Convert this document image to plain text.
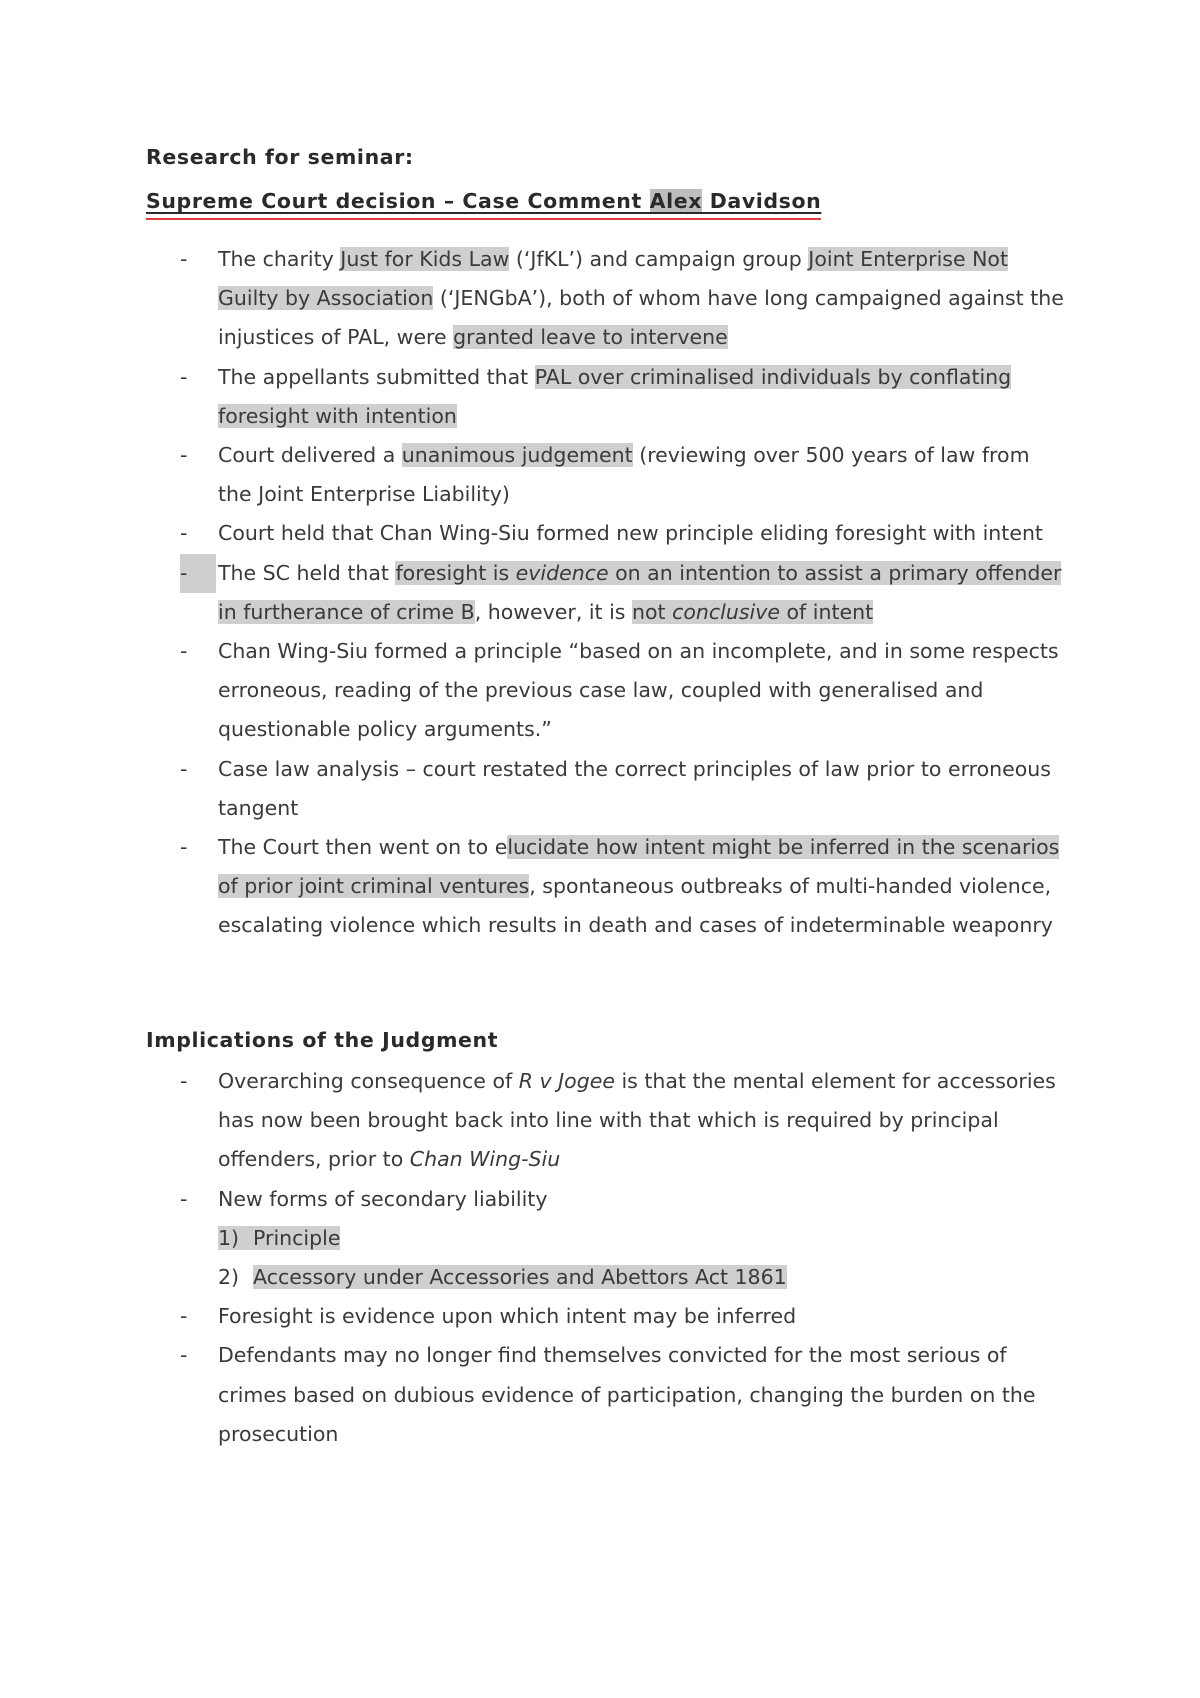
Research for seminar:
Supreme Court decision – Case Comment Alex Davidson
-	The charity Just for Kids Law (‘JfKL’) and campaign group Joint Enterprise Not Guilty by Association (‘JENGbA’), both of whom have long campaigned against the injustices of PAL, were granted leave to intervene
-	The appellants submitted that PAL over criminalised individuals by conflating foresight with intention
-	Court delivered a unanimous judgement (reviewing over 500 years of law from the Joint Enterprise Liability)
-	Court held that Chan Wing-Siu formed new principle eliding foresight with intent
-	The SC held that foresight is evidence on an intention to assist a primary offender in furtherance of crime B, however, it is not conclusive of intent
-	Chan Wing-Siu formed a principle “based on an incomplete, and in some respects erroneous, reading of the previous case law, coupled with generalised and questionable policy arguments.”
-	Case law analysis – court restated the correct principles of law prior to erroneous tangent
-	The Court then went on to elucidate how intent might be inferred in the scenarios of prior joint criminal ventures, spontaneous outbreaks of multi-handed violence, escalating violence which results in death and cases of indeterminable weaponry
Implications of the Judgment
-	Overarching consequence of R v Jogee is that the mental element for accessories has now been brought back into line with that which is required by principal offenders, prior to Chan Wing-Siu
-	New forms of secondary liability
1) Principle
2) Accessory under Accessories and Abettors Act 1861
-	Foresight is evidence upon which intent may be inferred
-	Defendants may no longer find themselves convicted for the most serious of crimes based on dubious evidence of participation, changing the burden on the prosecution
